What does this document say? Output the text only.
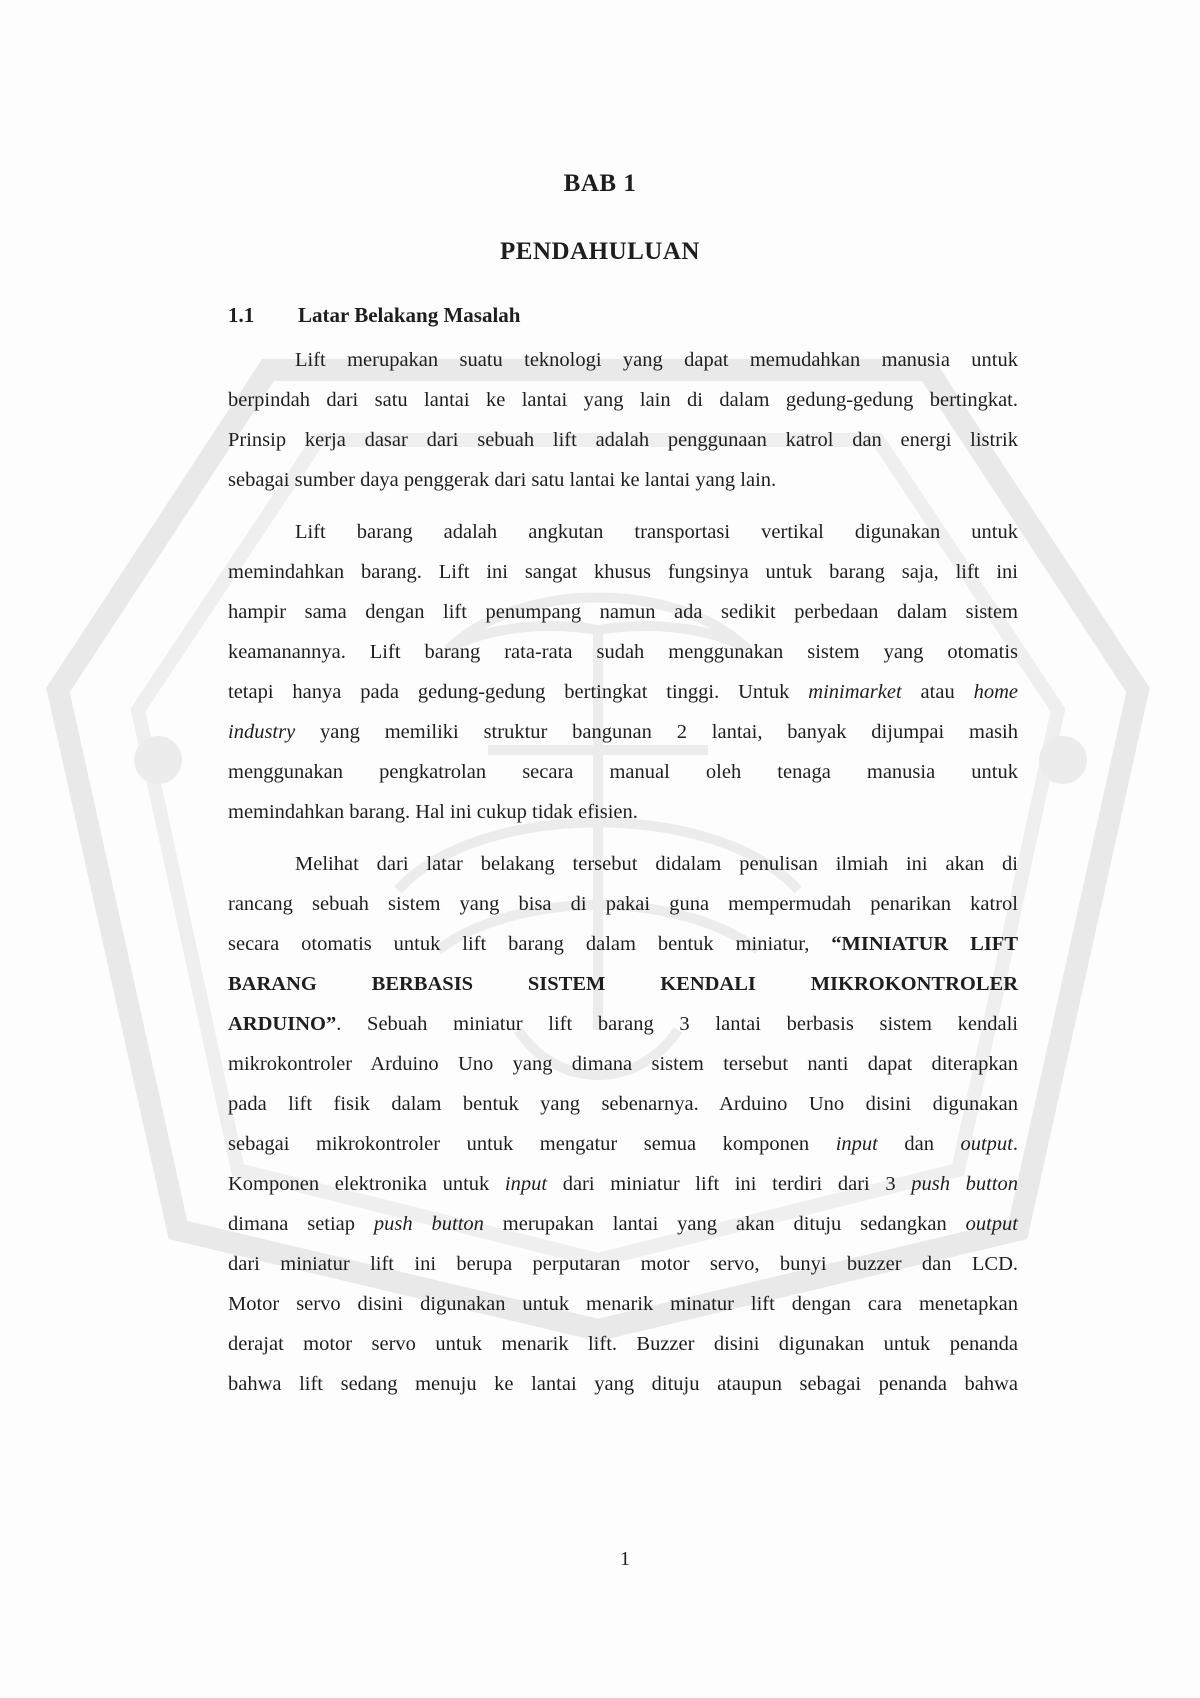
BAB 1
PENDAHULUAN
1.1 Latar Belakang Masalah
Lift merupakan suatu teknologi yang dapat memudahkan manusia untuk
berpindah dari satu lantai ke lantai yang lain di dalam gedung-gedung bertingkat.
Prinsip kerja dasar dari sebuah lift adalah penggunaan katrol dan energi listrik
sebagai sumber daya penggerak dari satu lantai ke lantai yang lain.
Lift barang adalah angkutan transportasi vertikal digunakan untuk
memindahkan barang. Lift ini sangat khusus fungsinya untuk barang saja, lift ini
hampir sama dengan lift penumpang namun ada sedikit perbedaan dalam sistem
keamanannya. Lift barang rata-rata sudah menggunakan sistem yang otomatis
tetapi hanya pada gedung-gedung bertingkat tinggi. Untuk minimarket atau home
industry yang memiliki struktur bangunan 2 lantai, banyak dijumpai masih
menggunakan pengkatrolan secara manual oleh tenaga manusia untuk
memindahkan barang. Hal ini cukup tidak efisien.
Melihat dari latar belakang tersebut didalam penulisan ilmiah ini akan di
rancang sebuah sistem yang bisa di pakai guna mempermudah penarikan katrol
secara otomatis untuk lift barang dalam bentuk miniatur, “MINIATUR LIFT
BARANG BERBASIS SISTEM KENDALI MIKROKONTROLER
ARDUINO”. Sebuah miniatur lift barang 3 lantai berbasis sistem kendali
mikrokontroler Arduino Uno yang dimana sistem tersebut nanti dapat diterapkan
pada lift fisik dalam bentuk yang sebenarnya. Arduino Uno disini digunakan
sebagai mikrokontroler untuk mengatur semua komponen input dan output.
Komponen elektronika untuk input dari miniatur lift ini terdiri dari 3 push button
dimana setiap push button merupakan lantai yang akan dituju sedangkan output
dari miniatur lift ini berupa perputaran motor servo, bunyi buzzer dan LCD.
Motor servo disini digunakan untuk menarik minatur lift dengan cara menetapkan
derajat motor servo untuk menarik lift. Buzzer disini digunakan untuk penanda
bahwa lift sedang menuju ke lantai yang dituju ataupun sebagai penanda bahwa
1
